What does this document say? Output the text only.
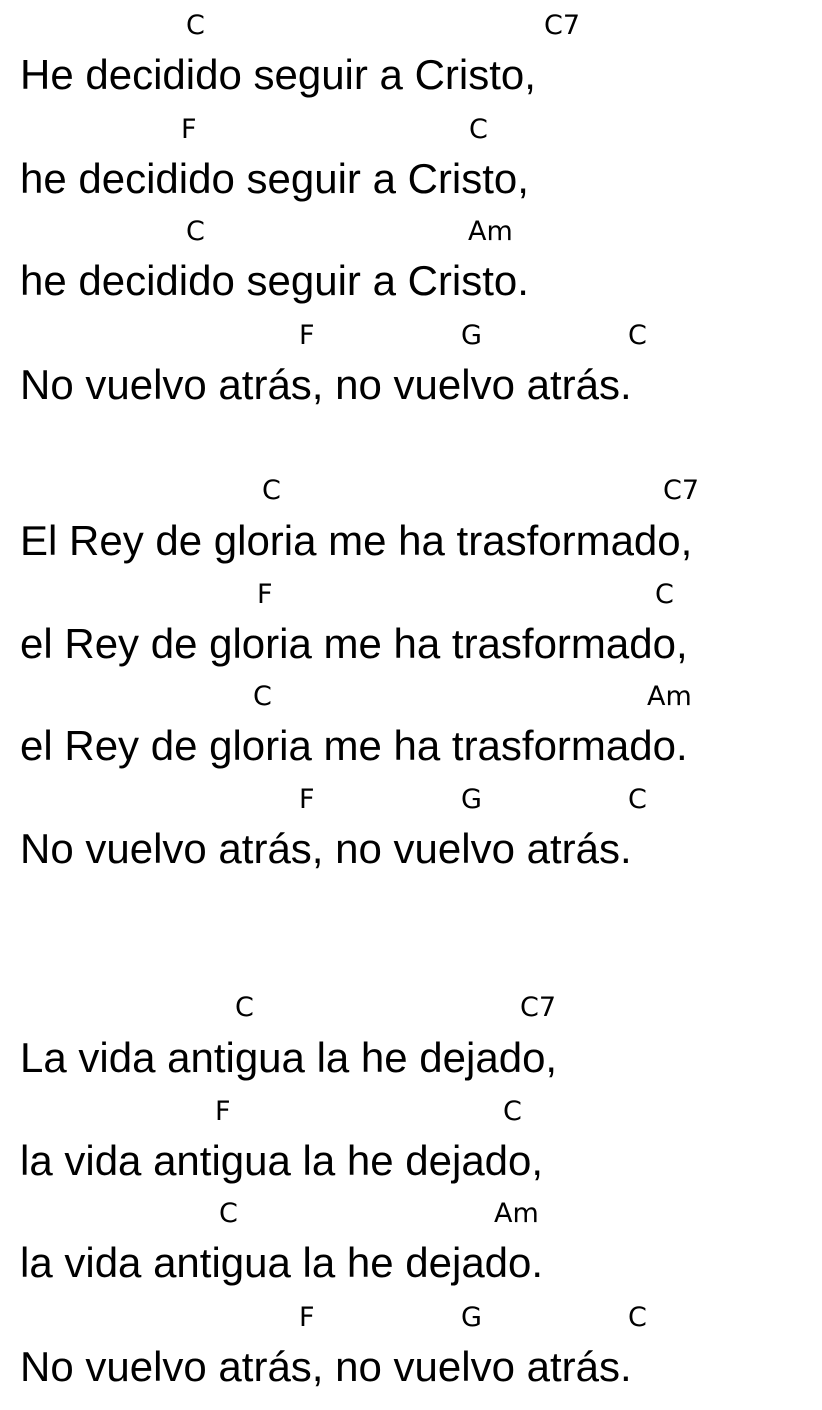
C	C7
He decidido seguir a Cristo,
F	C
he decidido seguir a Cristo,
C	Am
he decidido seguir a Cristo.
F	G	C
No vuelvo atrás, no vuelvo atrás.
C	C7
El Rey de gloria me ha trasformado,
F	C
el Rey de gloria me ha trasformado,
C	Am
el Rey de gloria me ha trasformado.
F	G	C
No vuelvo atrás, no vuelvo atrás.
C	C7
La vida antigua la he dejado,
F	C
la vida antigua la he dejado,
C	Am
la vida antigua la he dejado.
F	G	C
No vuelvo atrás, no vuelvo atrás.
